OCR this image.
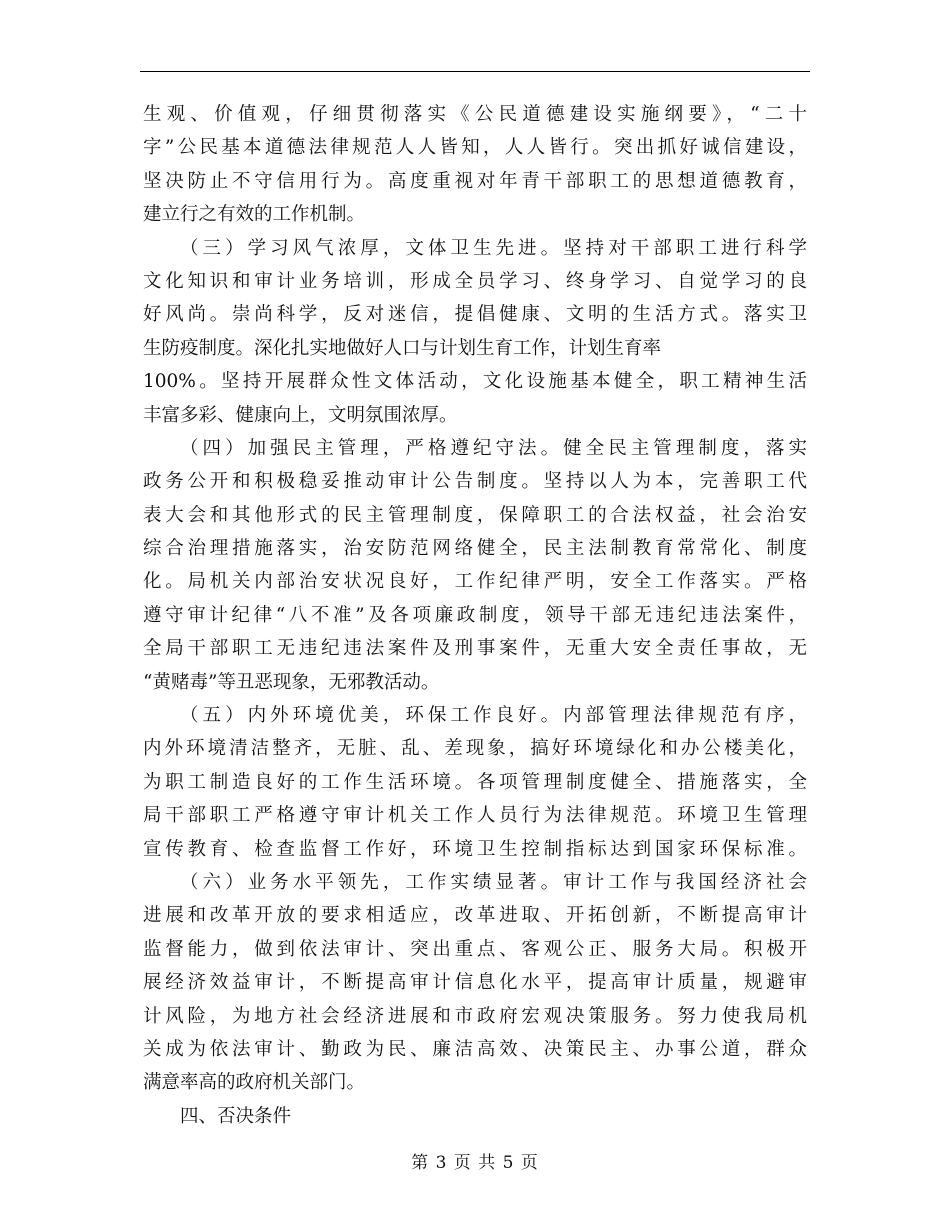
生观、价值观，仔细贯彻落实《公民道德建设实施纲要》，“二十
字”公民基本道德法律规范人人皆知，人人皆行。突出抓好诚信建设，
坚决防止不守信用行为。高度重视对年青干部职工的思想道德教育，
建立行之有效的工作机制。
（三）学习风气浓厚，文体卫生先进。坚持对干部职工进行科学
文化知识和审计业务培训，形成全员学习、终身学习、自觉学习的良
好风尚。崇尚科学，反对迷信，提倡健康、文明的生活方式。落实卫
生防疫制度。深化扎实地做好人口与计划生育工作，计划生育率
100%。坚持开展群众性文体活动，文化设施基本健全，职工精神生活
丰富多彩、健康向上，文明氛围浓厚。
（四）加强民主管理，严格遵纪守法。健全民主管理制度，落实
政务公开和积极稳妥推动审计公告制度。坚持以人为本，完善职工代
表大会和其他形式的民主管理制度，保障职工的合法权益，社会治安
综合治理措施落实，治安防范网络健全，民主法制教育常常化、制度
化。局机关内部治安状况良好，工作纪律严明，安全工作落实。严格
遵守审计纪律“八不准”及各项廉政制度，领导干部无违纪违法案件，
全局干部职工无违纪违法案件及刑事案件，无重大安全责任事故，无
“黄赌毒”等丑恶现象，无邪教活动。
（五）内外环境优美，环保工作良好。内部管理法律规范有序，
内外环境清洁整齐，无脏、乱、差现象，搞好环境绿化和办公楼美化，
为职工制造良好的工作生活环境。各项管理制度健全、措施落实，全
局干部职工严格遵守审计机关工作人员行为法律规范。环境卫生管理
宣传教育、检查监督工作好，环境卫生控制指标达到国家环保标准。
（六）业务水平领先，工作实绩显著。审计工作与我国经济社会
进展和改革开放的要求相适应，改革进取、开拓创新，不断提高审计
监督能力，做到依法审计、突出重点、客观公正、服务大局。积极开
展经济效益审计，不断提高审计信息化水平，提高审计质量，规避审
计风险，为地方社会经济进展和市政府宏观决策服务。努力使我局机
关成为依法审计、勤政为民、廉洁高效、决策民主、办事公道，群众
满意率高的政府机关部门。
四、否决条件
第 3 页 共 5 页
